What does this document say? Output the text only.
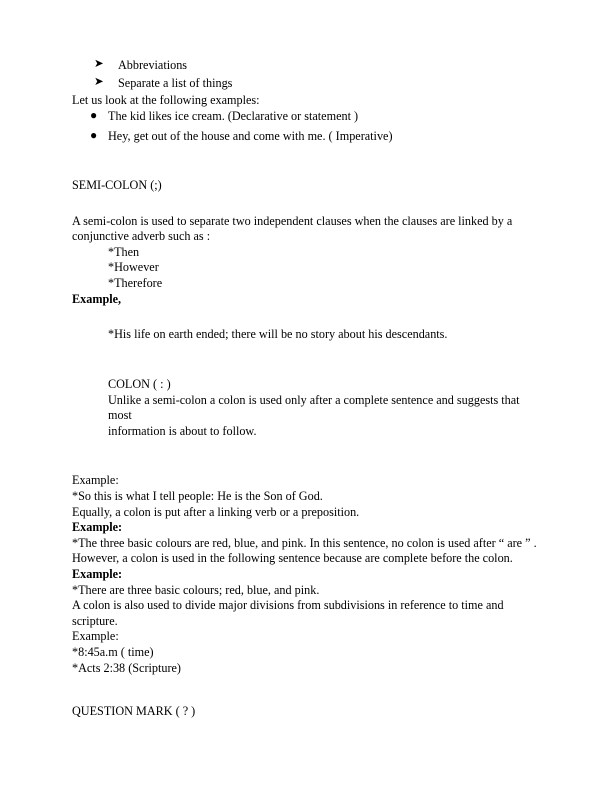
➤ Abbreviations
➤ Separate a list of things

Let us look at the following examples:

● The kid likes ice cream. (Declarative or statement )
● Hey, get out of the house and come with me. ( Imperative)

SEMI-COLON (;)

A semi-colon is used to separate two independent clauses when the clauses are linked by a

conjunctive adverb such as :

*Then

*However

*Therefore

Example,

*His life on earth ended; there will be no story about his descendants.

COLON ( : )

Unlike a semi-colon a colon is used only after a complete sentence and suggests that most

information is about to follow.

Example:

*So this is what I tell people: He is the Son of God.

Equally, a colon is put after a linking verb or a preposition.

Example:

*The three basic colours are red, blue, and pink. In this sentence, no colon is used after “ are ” .

However, a colon is used in the following sentence because are complete before the colon.

Example:

*There are three basic colours; red, blue, and pink.

A colon is also used to divide major divisions from subdivisions in reference to time and

scripture.

Example:

*8:45a.m ( time)

*Acts 2:38 (Scripture)

QUESTION MARK ( ? )
